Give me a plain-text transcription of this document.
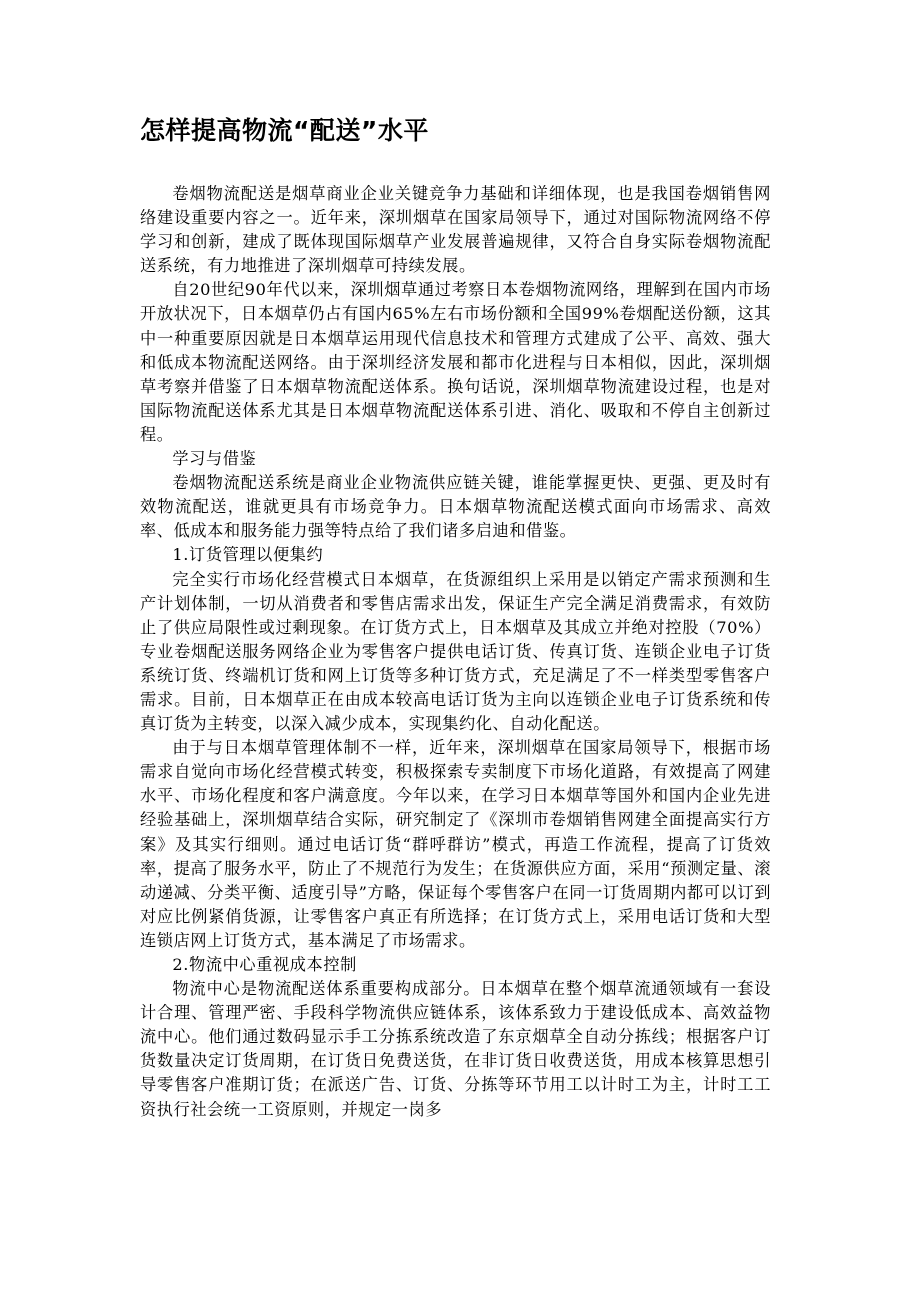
怎样提高物流“配送”水平

卷烟物流配送是烟草商业企业关键竞争力基础和详细体现，也是我国卷烟销售网络建设重要内容之一。近年来，深圳烟草在国家局领导下，通过对国际物流网络不停学习和创新，建成了既体现国际烟草产业发展普遍规律，又符合自身实际卷烟物流配送系统，有力地推进了深圳烟草可持续发展。

自20世纪90年代以来，深圳烟草通过考察日本卷烟物流网络，理解到在国内市场开放状况下，日本烟草仍占有国内65%左右市场份额和全国99%卷烟配送份额，这其中一种重要原因就是日本烟草运用现代信息技术和管理方式建成了公平、高效、强大和低成本物流配送网络。由于深圳经济发展和都市化进程与日本相似，因此，深圳烟草考察并借鉴了日本烟草物流配送体系。换句话说，深圳烟草物流建设过程，也是对国际物流配送体系尤其是日本烟草物流配送体系引进、消化、吸取和不停自主创新过程。

学习与借鉴

卷烟物流配送系统是商业企业物流供应链关键，谁能掌握更快、更强、更及时有效物流配送，谁就更具有市场竞争力。日本烟草物流配送模式面向市场需求、高效率、低成本和服务能力强等特点给了我们诸多启迪和借鉴。

1.订货管理以便集约

完全实行市场化经营模式日本烟草，在货源组织上采用是以销定产需求预测和生产计划体制，一切从消费者和零售店需求出发，保证生产完全满足消费需求，有效防止了供应局限性或过剩现象。在订货方式上，日本烟草及其成立并绝对控股（70%）专业卷烟配送服务网络企业为零售客户提供电话订货、传真订货、连锁企业电子订货系统订货、终端机订货和网上订货等多种订货方式，充足满足了不一样类型零售客户需求。目前，日本烟草正在由成本较高电话订货为主向以连锁企业电子订货系统和传真订货为主转变，以深入减少成本，实现集约化、自动化配送。

由于与日本烟草管理体制不一样，近年来，深圳烟草在国家局领导下，根据市场需求自觉向市场化经营模式转变，积极探索专卖制度下市场化道路，有效提高了网建水平、市场化程度和客户满意度。今年以来，在学习日本烟草等国外和国内企业先进经验基础上，深圳烟草结合实际，研究制定了《深圳市卷烟销售网建全面提高实行方案》及其实行细则。通过电话订货“群呼群访”模式，再造工作流程，提高了订货效率，提高了服务水平，防止了不规范行为发生；在货源供应方面，采用“预测定量、滚动递减、分类平衡、适度引导”方略，保证每个零售客户在同一订货周期内都可以订到对应比例紧俏货源，让零售客户真正有所选择；在订货方式上，采用电话订货和大型连锁店网上订货方式，基本满足了市场需求。

2.物流中心重视成本控制

物流中心是物流配送体系重要构成部分。日本烟草在整个烟草流通领域有一套设计合理、管理严密、手段科学物流供应链体系，该体系致力于建设低成本、高效益物流中心。他们通过数码显示手工分拣系统改造了东京烟草全自动分拣线；根据客户订货数量决定订货周期，在订货日免费送货，在非订货日收费送货，用成本核算思想引导零售客户准期订货；在派送广告、订货、分拣等环节用工以计时工为主，计时工工资执行社会统一工资原则，并规定一岗多
